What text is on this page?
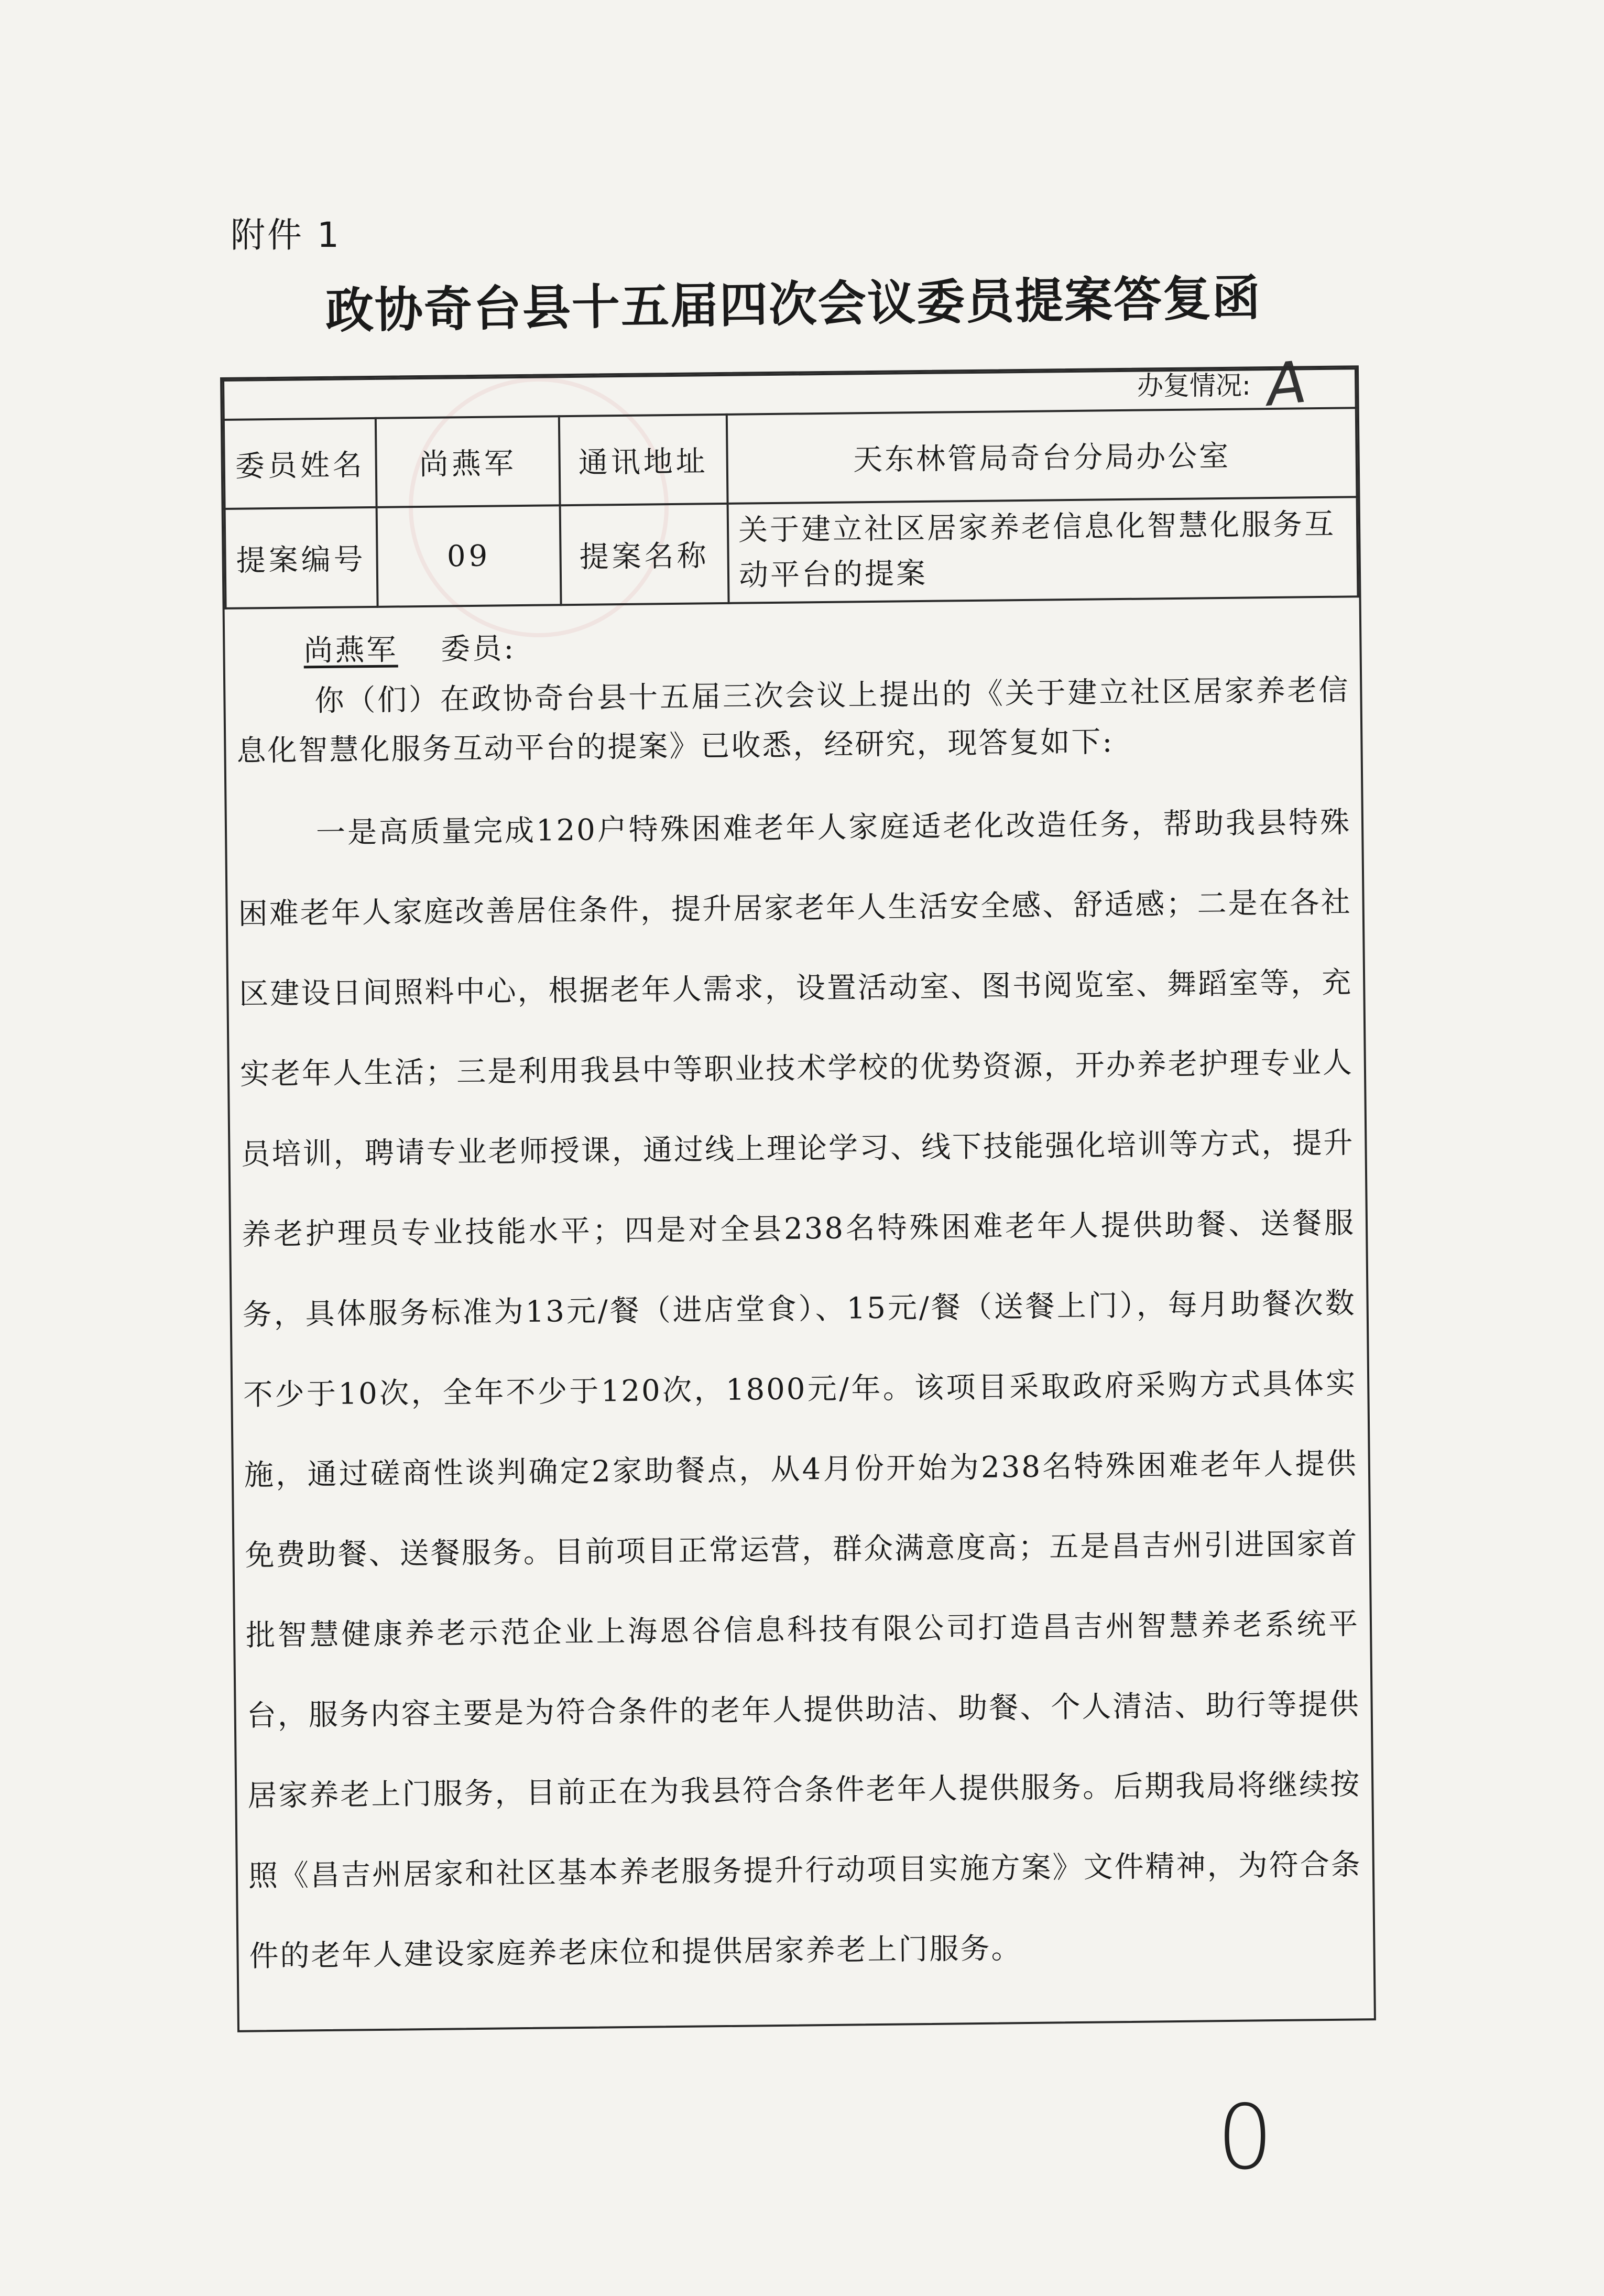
附件 1
政协奇台县十五届四次会议委员提案答复函
办复情况: A

委员姓名	尚燕军	通讯地址	天东林管局奇台分局办公室
提案编号	09	提案名称	关于建立社区居家养老信息化智慧化服务互动平台的提案
尚燕军 委员:

你（们）在政协奇台县十五届三次会议上提出的《关于建立社区居家养老信息化智慧化服务互动平台的提案》已收悉，经研究，现答复如下:

一是高质量完成120户特殊困难老年人家庭适老化改造任务，帮助我县特殊困难老年人家庭改善居住条件，提升居家老年人生活安全感、舒适感；二是在各社区建设日间照料中心，根据老年人需求，设置活动室、图书阅览室、舞蹈室等，充实老年人生活；三是利用我县中等职业技术学校的优势资源，开办养老护理专业人员培训，聘请专业老师授课，通过线上理论学习、线下技能强化培训等方式，提升养老护理员专业技能水平；四是对全县238名特殊困难老年人提供助餐、送餐服务，具体服务标准为13元/餐（进店堂食）、15元/餐（送餐上门），每月助餐次数不少于10次，全年不少于120次，1800元/年。该项目采取政府采购方式具体实施，通过磋商性谈判确定2家助餐点，从4月份开始为238名特殊困难老年人提供免费助餐、送餐服务。目前项目正常运营，群众满意度高；五是昌吉州引进国家首批智慧健康养老示范企业上海恩谷信息科技有限公司打造昌吉州智慧养老系统平台，服务内容主要是为符合条件的老年人提供助洁、助餐、个人清洁、助行等提供居家养老上门服务，目前正在为我县符合条件老年人提供服务。后期我局将继续按照《昌吉州居家和社区基本养老服务提升行动项目实施方案》文件精神，为符合条件的老年人建设家庭养老床位和提供居家养老上门服务。

0
